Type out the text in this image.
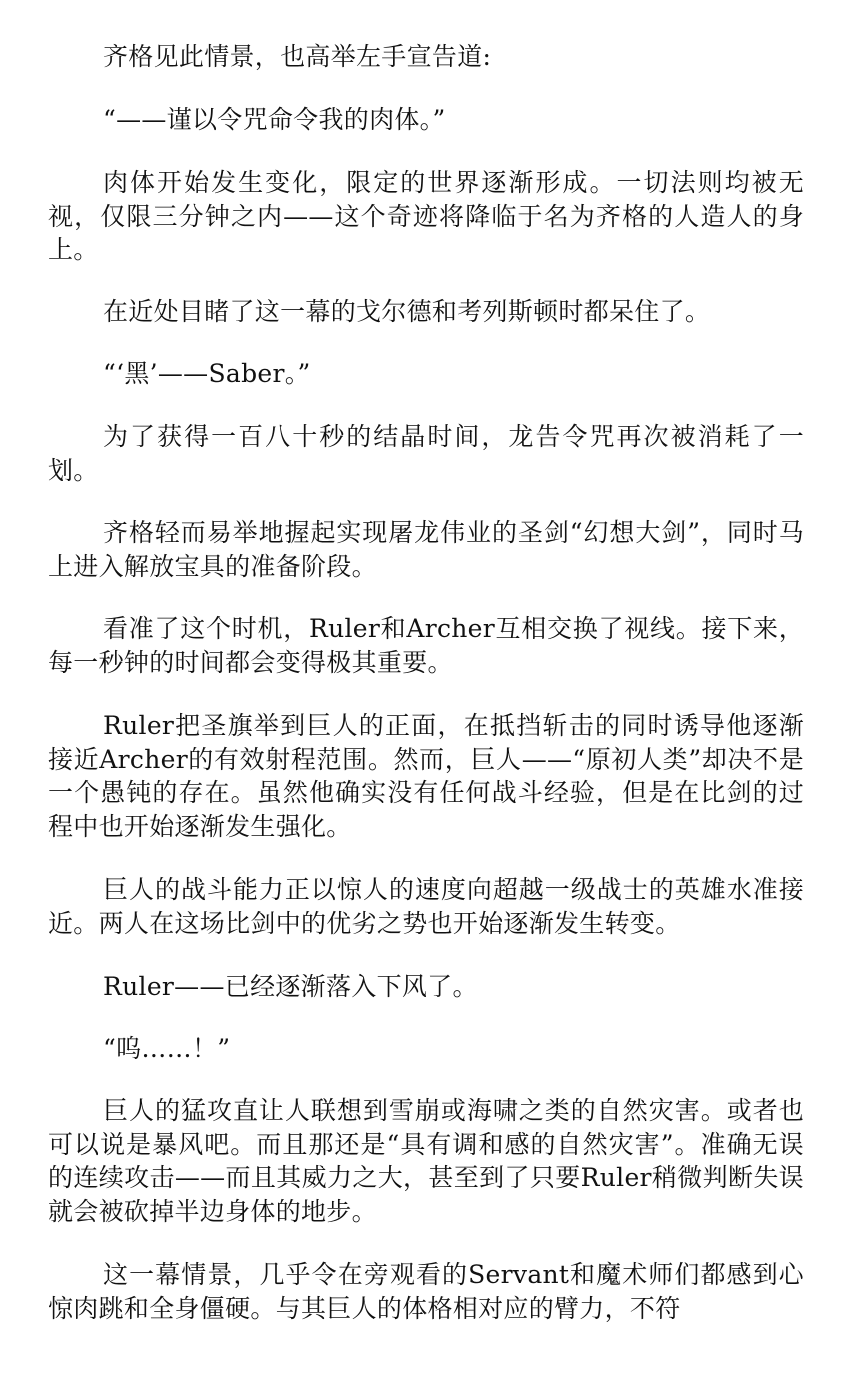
齐格见此情景，也高举左手宣告道:

“——谨以令咒命令我的肉体。”

肉体开始发生变化，限定的世界逐渐形成。一切法则均被无视，仅限三分钟之内——这个奇迹将降临于名为齐格的人造人的身上。

在近处目睹了这一幕的戈尔德和考列斯顿时都呆住了。

“‘黑’——Saber。”

为了获得一百八十秒的结晶时间，龙告令咒再次被消耗了一划。

齐格轻而易举地握起实现屠龙伟业的圣剑“幻想大剑”，同时马上进入解放宝具的准备阶段。

看准了这个时机，Ruler和Archer互相交换了视线。接下来，每一秒钟的时间都会变得极其重要。

Ruler把圣旗举到巨人的正面，在抵挡斩击的同时诱导他逐渐接近Archer的有效射程范围。然而，巨人——“原初人类”却决不是一个愚钝的存在。虽然他确实没有任何战斗经验，但是在比剑的过程中也开始逐渐发生强化。

巨人的战斗能力正以惊人的速度向超越一级战士的英雄水准接近。两人在这场比剑中的优劣之势也开始逐渐发生转变。

Ruler——已经逐渐落入下风了。

“呜……！”

巨人的猛攻直让人联想到雪崩或海啸之类的自然灾害。或者也可以说是暴风吧。而且那还是“具有调和感的自然灾害”。准确无误的连续攻击——而且其威力之大，甚至到了只要Ruler稍微判断失误就会被砍掉半边身体的地步。

这一幕情景，几乎令在旁观看的Servant和魔术师们都感到心惊肉跳和全身僵硬。与其巨人的体格相对应的臂力，不符
